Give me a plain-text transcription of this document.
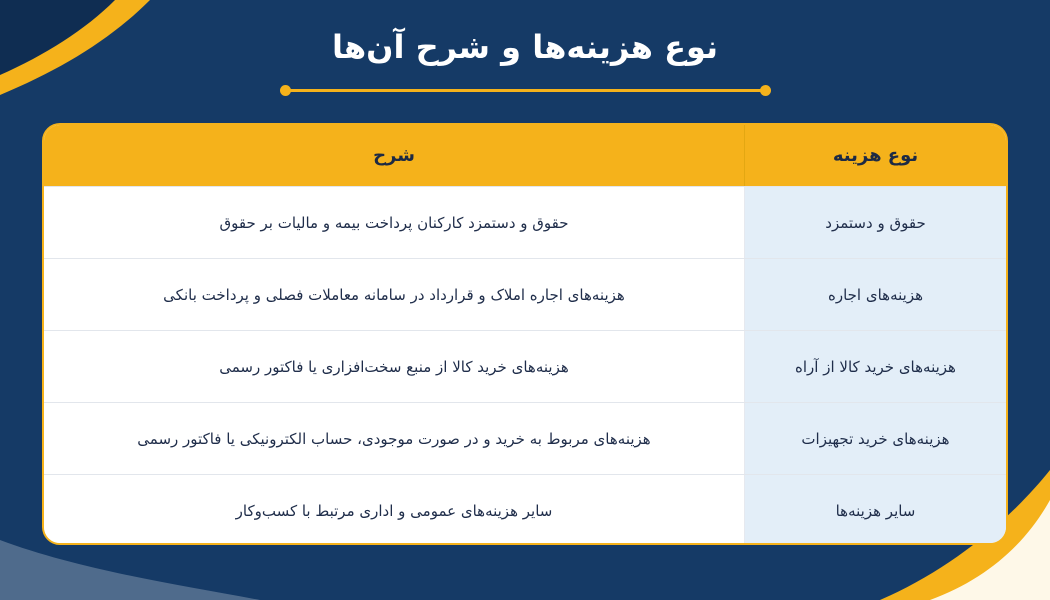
نوع هزینه‌ها و شرح آن‌ها
شرح	نوع هزینه
حقوق و دستمزد کارکنان پرداخت بیمه و مالیات بر حقوق	حقوق و دستمزد
هزینه‌های اجاره املاک و قرارداد در سامانه معاملات فصلی و پرداخت بانکی	هزینه‌های اجاره
هزینه‌های خرید کالا از منبع سخت‌افزاری یا فاکتور رسمی	هزینه‌های خرید کالا از آراه
هزینه‌های مربوط به خرید و در صورت موجودی، حساب الکترونیکی یا فاکتور رسمی	هزینه‌های خرید تجهیزات
سایر هزینه‌های عمومی و اداری مرتبط با کسب‌وکار	سایر هزینه‌ها
